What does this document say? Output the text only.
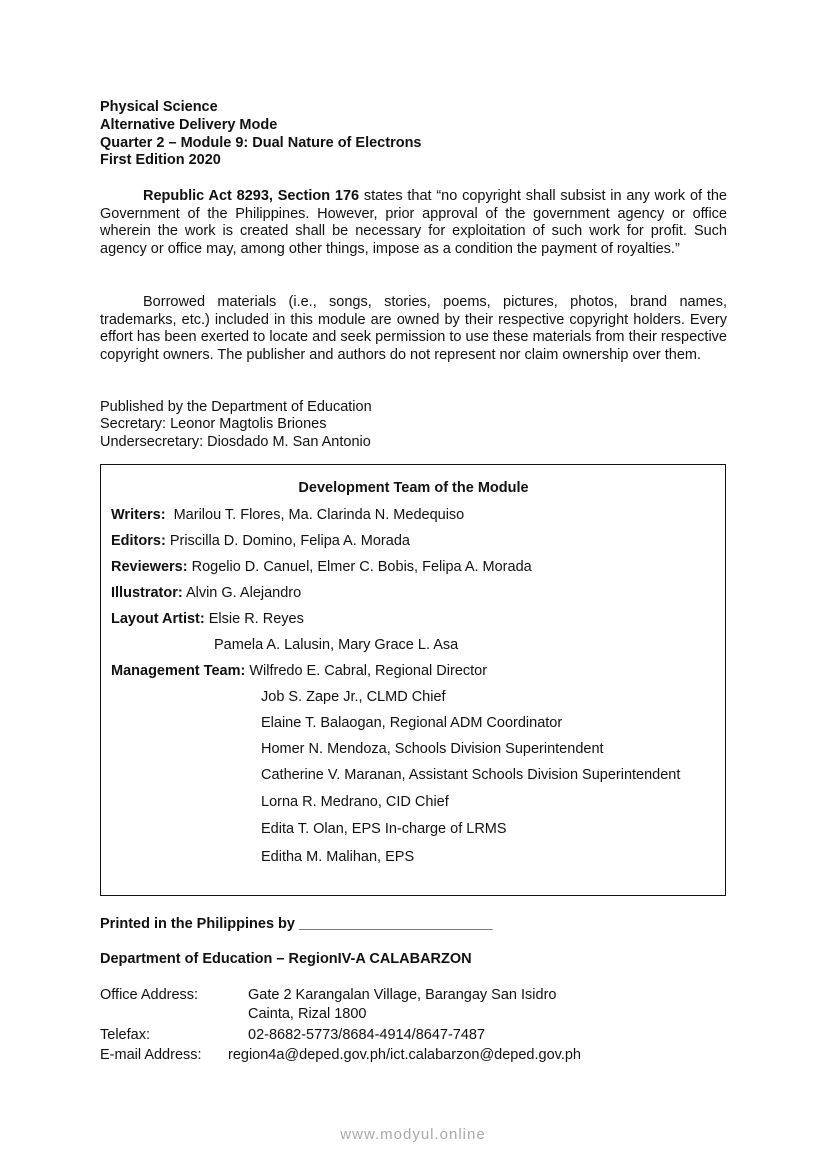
Physical Science
Alternative Delivery Mode
Quarter 2 – Module 9: Dual Nature of Electrons
First Edition 2020
Republic Act 8293, Section 176 states that “no copyright shall subsist in any work of the Government of the Philippines. However, prior approval of the government agency or office wherein the work is created shall be necessary for exploitation of such work for profit. Such agency or office may, among other things, impose as a condition the payment of royalties.”
Borrowed materials (i.e., songs, stories, poems, pictures, photos, brand names, trademarks, etc.) included in this module are owned by their respective copyright holders. Every effort has been exerted to locate and seek permission to use these materials from their respective copyright owners. The publisher and authors do not represent nor claim ownership over them.
Published by the Department of Education
Secretary: Leonor Magtolis Briones
Undersecretary: Diosdado M. San Antonio
Development Team of the Module
Writers: Marilou T. Flores, Ma. Clarinda N. Medequiso
Editors: Priscilla D. Domino, Felipa A. Morada
Reviewers: Rogelio D. Canuel, Elmer C. Bobis, Felipa A. Morada
Illustrator: Alvin G. Alejandro
Layout Artist: Elsie R. Reyes
Pamela A. Lalusin, Mary Grace L. Asa
Management Team: Wilfredo E. Cabral, Regional Director
Job S. Zape Jr., CLMD Chief
Elaine T. Balaogan, Regional ADM Coordinator
Homer N. Mendoza, Schools Division Superintendent
Catherine V. Maranan, Assistant Schools Division Superintendent
Lorna R. Medrano, CID Chief
Edita T. Olan, EPS In-charge of LRMS
Editha M. Malihan, EPS
Printed in the Philippines by ________________________
Department of Education – RegionIV-A CALABARZON
Office Address:	Gate 2 Karangalan Village, Barangay San Isidro
Cainta, Rizal 1800
Telefax:	02-8682-5773/8684-4914/8647-7487
E-mail Address: region4a@deped.gov.ph/ict.calabarzon@deped.gov.ph
www.modyul.online
